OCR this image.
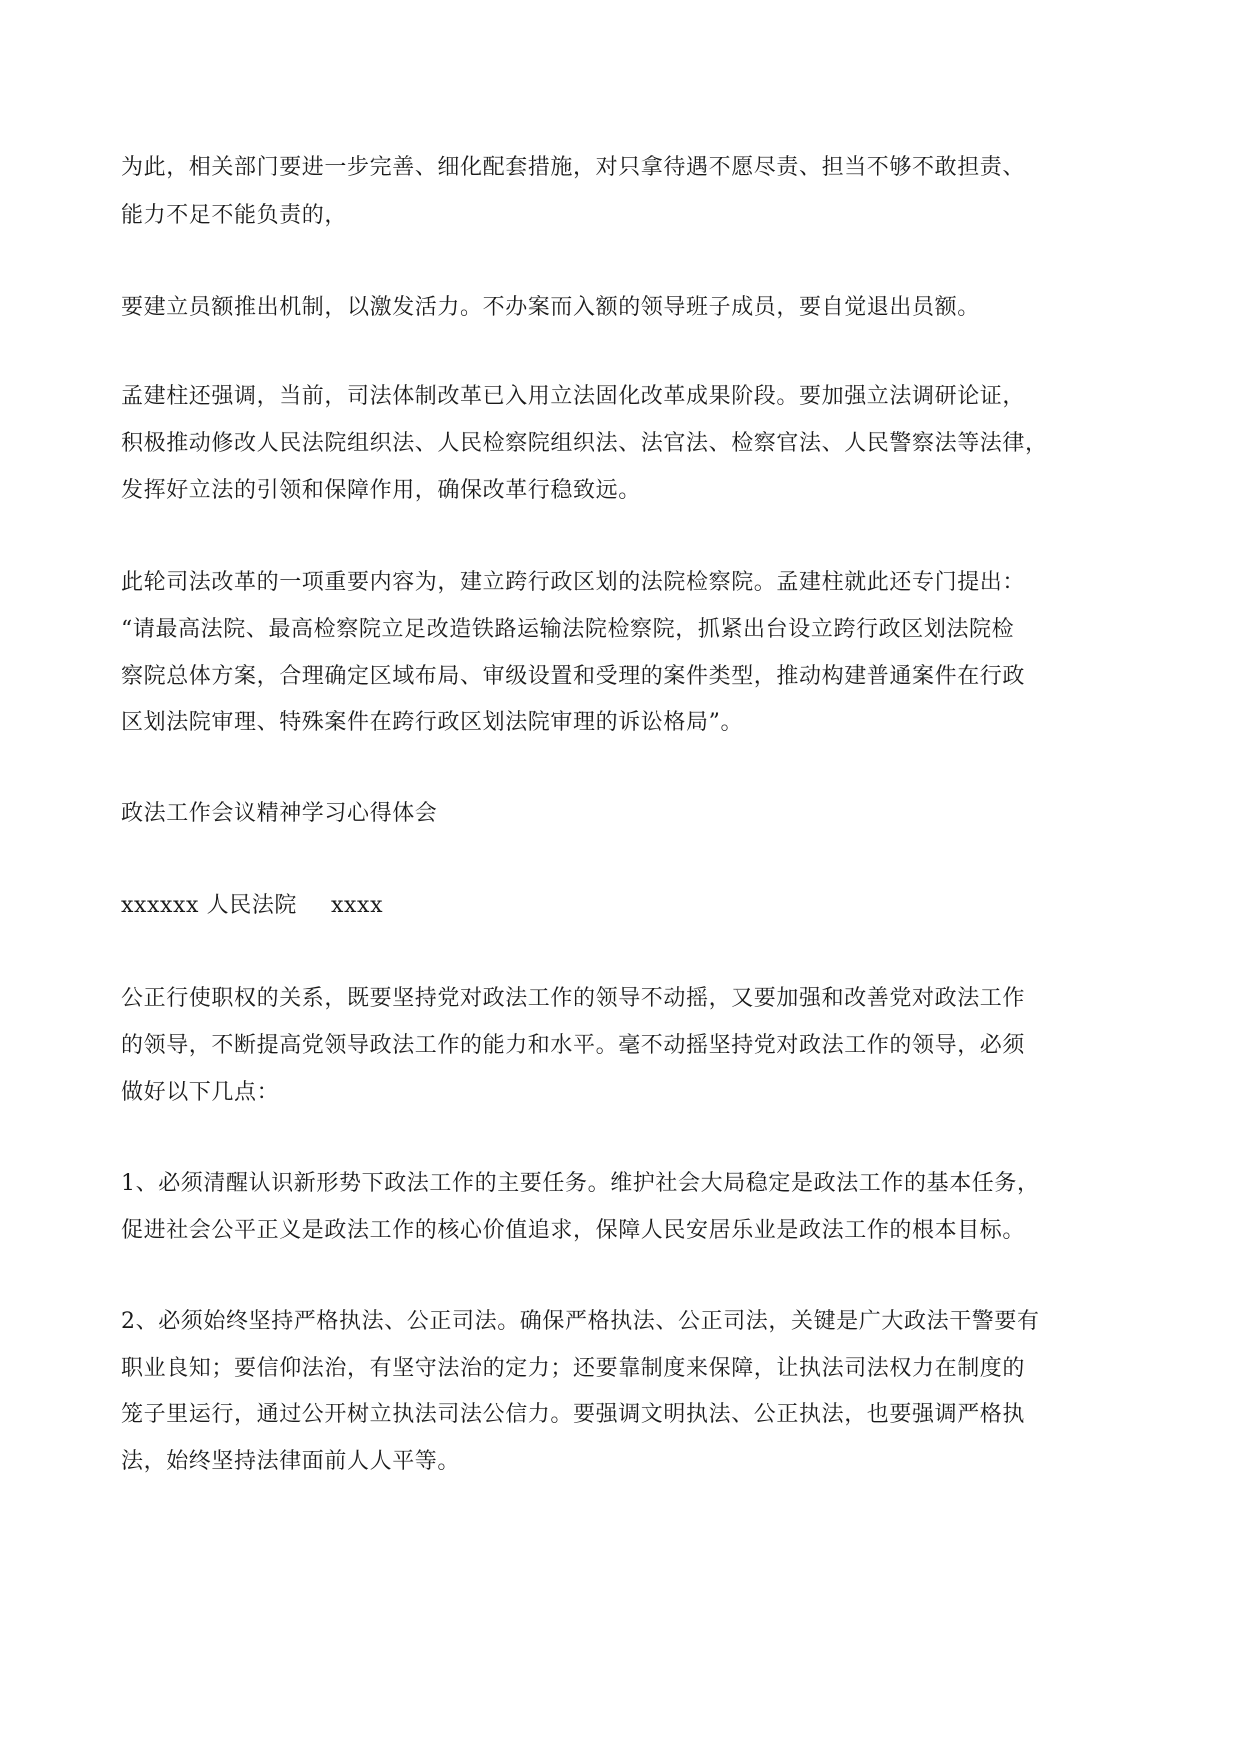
为此，相关部门要进一步完善、细化配套措施，对只拿待遇不愿尽责、担当不够不敢担责、

能力不足不能负责的，

要建立员额推出机制，以激发活力。不办案而入额的领导班子成员，要自觉退出员额。

孟建柱还强调，当前，司法体制改革已入用立法固化改革成果阶段。要加强立法调研论证，

积极推动修改人民法院组织法、人民检察院组织法、法官法、检察官法、人民警察法等法律，

发挥好立法的引领和保障作用，确保改革行稳致远。

此轮司法改革的一项重要内容为，建立跨行政区划的法院检察院。孟建柱就此还专门提出：

“请最高法院、最高检察院立足改造铁路运输法院检察院，抓紧出台设立跨行政区划法院检

察院总体方案，合理确定区域布局、审级设置和受理的案件类型，推动构建普通案件在行政

区划法院审理、特殊案件在跨行政区划法院审理的诉讼格局”。

政法工作会议精神学习心得体会

xxxxxx 人民法院 xxxx

公正行使职权的关系，既要坚持党对政法工作的领导不动摇，又要加强和改善党对政法工作

的领导，不断提高党领导政法工作的能力和水平。毫不动摇坚持党对政法工作的领导，必须

做好以下几点：

1、必须清醒认识新形势下政法工作的主要任务。维护社会大局稳定是政法工作的基本任务，

促进社会公平正义是政法工作的核心价值追求，保障人民安居乐业是政法工作的根本目标。

2、必须始终坚持严格执法、公正司法。确保严格执法、公正司法，关键是广大政法干警要有

职业良知；要信仰法治，有坚守法治的定力；还要靠制度来保障，让执法司法权力在制度的

笼子里运行，通过公开树立执法司法公信力。要强调文明执法、公正执法，也要强调严格执

法，始终坚持法律面前人人平等。
